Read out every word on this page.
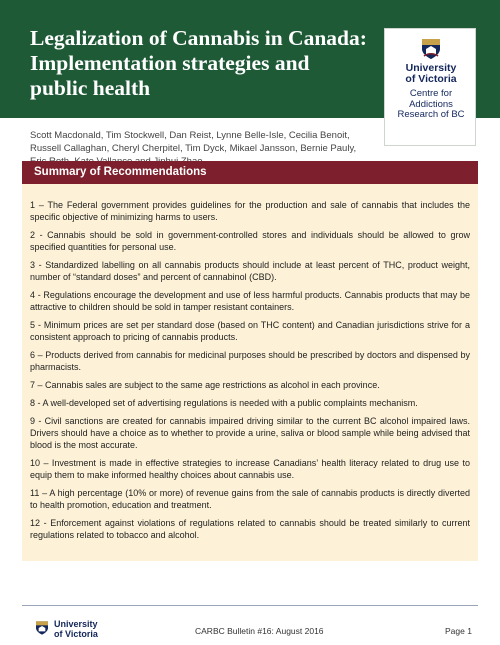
Legalization of Cannabis in Canada: Implementation strategies and public health
University
of Victoria
Centre for
Addictions
Research of BC

Scott Macdonald, Tim Stockwell, Dan Reist, Lynne Belle-Isle, Cecilia Benoit, Russell Callaghan, Cheryl Cherpitel, Tim Dyck, Mikael Jansson, Bernie Pauly,

Summary of Recommendations
1 – The Federal government provides guidelines for the production and sale of cannabis that includes the specific objective of minimizing harms to users.
2 - Cannabis should be sold in government-controlled stores and individuals should be allowed to grow specified quantities for personal use.
3 - Standardized labelling on all cannabis products should include at least percent of THC, product weight, number of “standard doses” and percent of cannabinol (CBD).
4 - Regulations encourage the development and use of less harmful products. Cannabis products that may be attractive to children should be sold in tamper resistant containers.
5 - Minimum prices are set per standard dose (based on THC content) and Canadian jurisdictions strive for a consistent approach to pricing of cannabis products.
6 – Products derived from cannabis for medicinal purposes should be prescribed by doctors and dispensed by pharmacists.
7 – Cannabis sales are subject to the same age restrictions as alcohol in each province.
8 - A well-developed set of advertising regulations is needed with a public complaints mechanism.
9 - Civil sanctions are created for cannabis impaired driving similar to the current BC alcohol impaired laws. Drivers should have a choice as to whether to provide a urine, saliva or blood sample while being advised that blood is the most accurate.
10 – Investment is made in effective strategies to increase Canadians’ health literacy related to drug use to equip them to make informed healthy choices about cannabis use.
11 – A high percentage (10% or more) of revenue gains from the sale of cannabis products is directly diverted to health promotion, education and treatment.
12 - Enforcement against violations of regulations related to cannabis should be treated similarly to current regulations related to tobacco and alcohol.
University
of Victoria	CARBC Bulletin #16: August 2016	Page 1
